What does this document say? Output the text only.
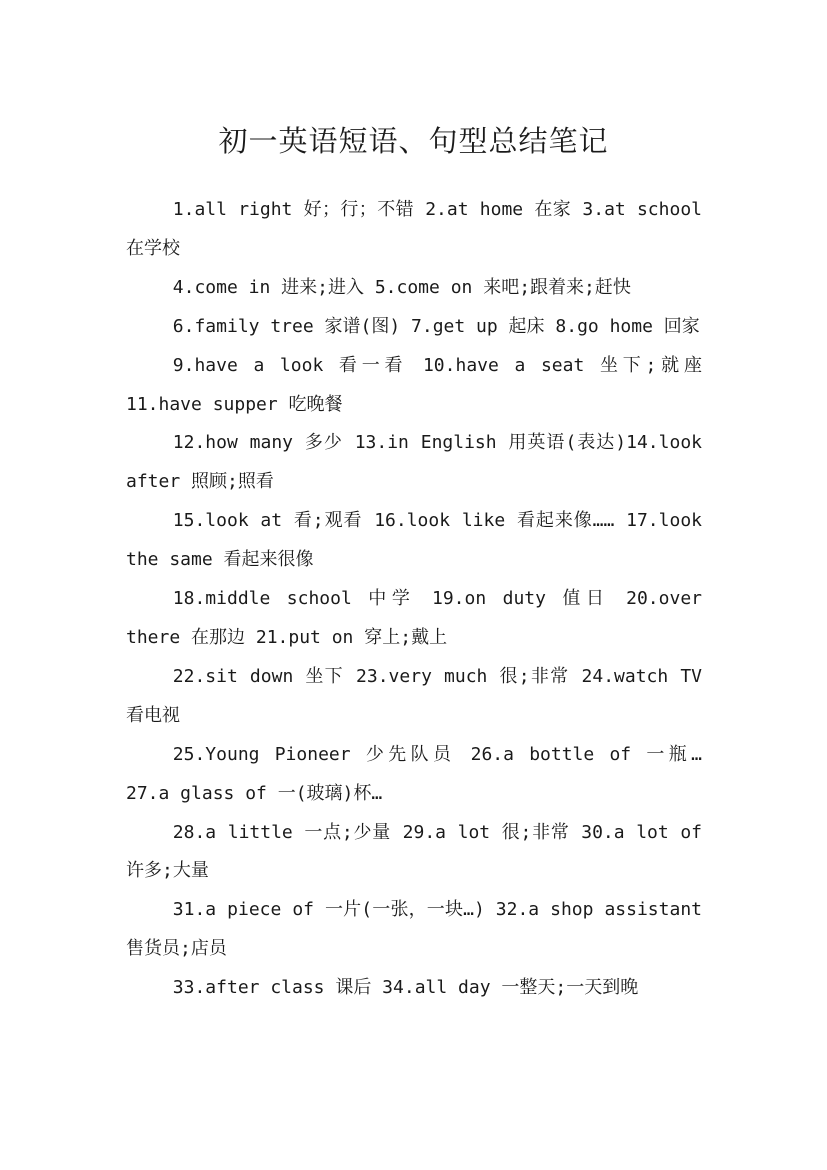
初一英语短语、句型总结笔记

1.all right 好；行；不错 2.at home 在家 3.at school 在学校

4.come in 进来;进入 5.come on 来吧;跟着来;赶快

6.family tree 家谱(图) 7.get up 起床 8.go home 回家

9.have a look 看一看 10.have a seat 坐下;就座 11.have supper 吃晚餐

12.how many 多少 13.in English 用英语(表达)14.look after 照顾;照看

15.look at 看;观看 16.look like 看起来像…… 17.look the same 看起来很像

18.middle school 中学 19.on duty 值日 20.over there 在那边 21.put on 穿上;戴上

22.sit down 坐下 23.very much 很;非常 24.watch TV 看电视

25.Young Pioneer 少先队员 26.a bottle of 一瓶… 27.a glass of 一(玻璃)杯…

28.a little 一点;少量 29.a lot 很;非常 30.a lot of 许多;大量

31.a piece of 一片(一张，一块…) 32.a shop assistant 售货员;店员

33.after class 课后 34.all day 一整天;一天到晚
